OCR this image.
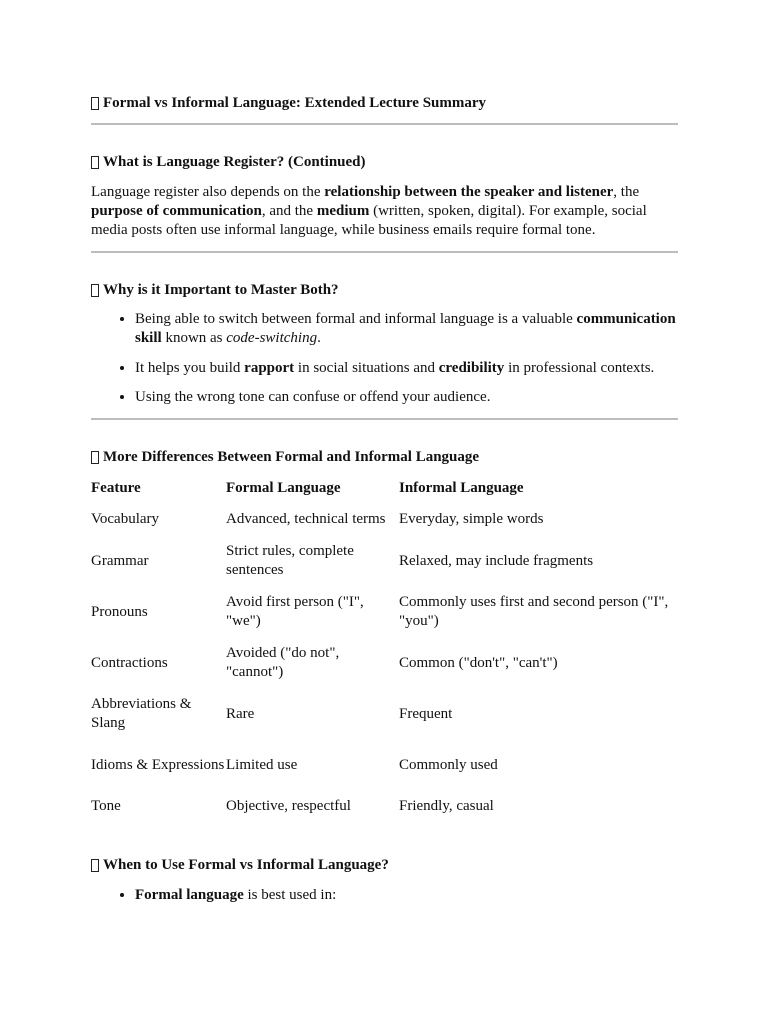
Formal vs Informal Language: Extended Lecture Summary
What is Language Register? (Continued)

Language register also depends on the relationship between the speaker and listener, the purpose of communication, and the medium (written, spoken, digital). For example, social media posts often use informal language, while business emails require formal tone.

Why is it Important to Master Both?
• Being able to switch between formal and informal language is a valuable communication skill known as code-switching.
• It helps you build rapport in social situations and credibility in professional contexts.
• Using the wrong tone can confuse or offend your audience.
More Differences Between Formal and Informal Language
Feature	Formal Language	Informal Language

Vocabulary	Advanced, technical terms	Everyday, simple words

Grammar	Strict rules, complete sentences	Relaxed, may include fragments

Pronouns	Avoid first person ("I", "we")	Commonly uses first and second person ("I", "you")

Contractions	Avoided ("do not", "cannot")	Common ("don't", "can't")

Abbreviations & Slang	Rare	Frequent

Idioms & Expressions	Limited use	Commonly used

Tone	Objective, respectful	Friendly, casual
When to Use Formal vs Informal Language?
• Formal language is best used in:
